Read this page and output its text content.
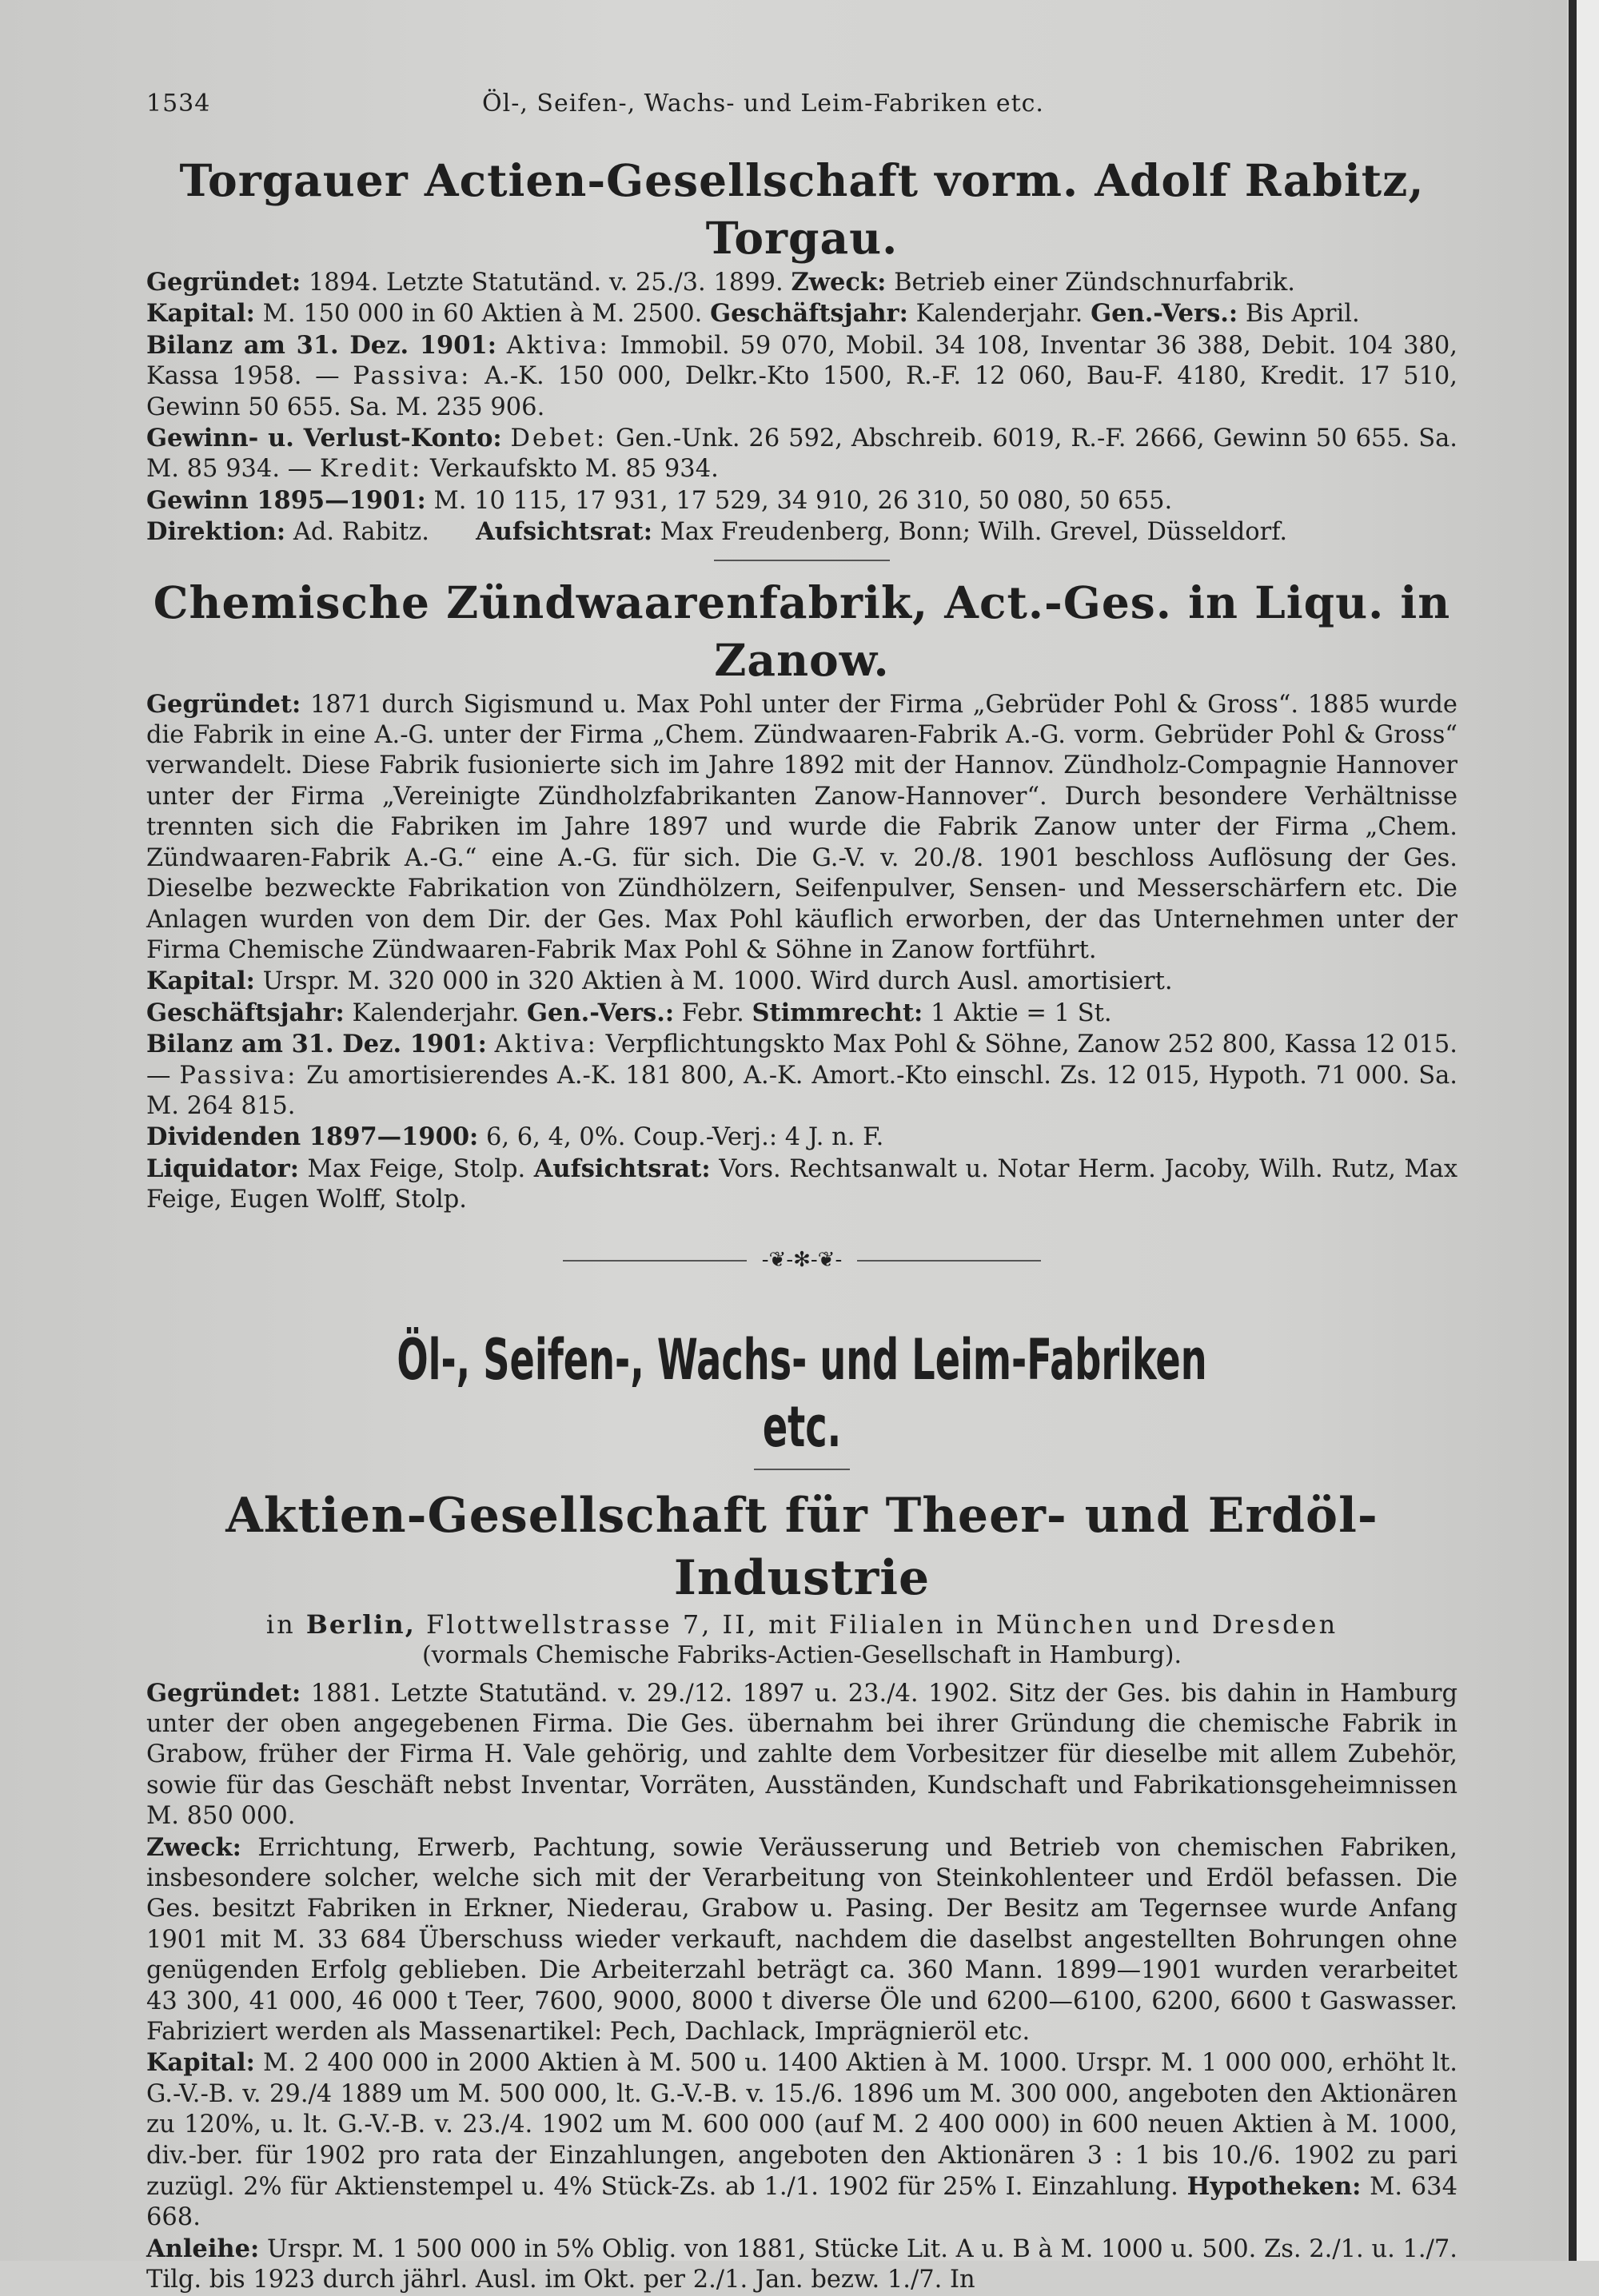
1534	Öl-, Seifen-, Wachs- und Leim-Fabriken etc.
Torgauer Actien-Gesellschaft vorm. Adolf Rabitz, Torgau.

Gegründet: 1894. Letzte Statutänd. v. 25./3. 1899. Zweck: Betrieb einer Zündschnurfabrik.

Kapital: M. 150 000 in 60 Aktien à M. 2500. Geschäftsjahr: Kalenderjahr. Gen.-Vers.: Bis April.

Bilanz am 31. Dez. 1901: Aktiva: Immobil. 59 070, Mobil. 34 108, Inventar 36 388, Debit. 104 380, Kassa 1958. — Passiva: A.-K. 150 000, Delkr.-Kto 1500, R.-F. 12 060, Bau-F. 4180, Kredit. 17 510, Gewinn 50 655. Sa. M. 235 906.

Gewinn- u. Verlust-Konto: Debet: Gen.-Unk. 26 592, Abschreib. 6019, R.-F. 2666, Gewinn 50 655. Sa. M. 85 934. — Kredit: Verkaufskto M. 85 934.

Gewinn 1895—1901: M. 10 115, 17 931, 17 529, 34 910, 26 310, 50 080, 50 655.

Direktion: Ad. Rabitz. Aufsichtsrat: Max Freudenberg, Bonn; Wilh. Grevel, Düsseldorf.

Chemische Zündwaarenfabrik, Act.-Ges. in Liqu. in Zanow.

Gegründet: 1871 durch Sigismund u. Max Pohl unter der Firma „Gebrüder Pohl & Gross“. 1885 wurde die Fabrik in eine A.-G. unter der Firma „Chem. Zündwaaren-Fabrik A.-G. vorm. Gebrüder Pohl & Gross“ verwandelt. Diese Fabrik fusionierte sich im Jahre 1892 mit der Hannov. Zündholz-Compagnie Hannover unter der Firma „Vereinigte Zündholzfabrikanten Zanow-Hannover“. Durch besondere Verhältnisse trennten sich die Fabriken im Jahre 1897 und wurde die Fabrik Zanow unter der Firma „Chem. Zündwaaren-Fabrik A.-G.“ eine A.-G. für sich. Die G.-V. v. 20./8. 1901 beschloss Auflösung der Ges. Dieselbe bezweckte Fabrikation von Zündhölzern, Seifenpulver, Sensen- und Messerschärfern etc. Die Anlagen wurden von dem Dir. der Ges. Max Pohl käuflich erworben, der das Unternehmen unter der Firma Chemische Zündwaaren-Fabrik Max Pohl & Söhne in Zanow fortführt.

Kapital: Urspr. M. 320 000 in 320 Aktien à M. 1000. Wird durch Ausl. amortisiert.

Geschäftsjahr: Kalenderjahr. Gen.-Vers.: Febr. Stimmrecht: 1 Aktie = 1 St.

Bilanz am 31. Dez. 1901: Aktiva: Verpflichtungskto Max Pohl & Söhne, Zanow 252 800, Kassa 12 015. — Passiva: Zu amortisierendes A.-K. 181 800, A.-K. Amort.-Kto einschl. Zs. 12 015, Hypoth. 71 000. Sa. M. 264 815.

Dividenden 1897—1900: 6, 6, 4, 0%. Coup.-Verj.: 4 J. n. F.

Liquidator: Max Feige, Stolp. Aufsichtsrat: Vors. Rechtsanwalt u. Notar Herm. Jacoby, Wilh. Rutz, Max Feige, Eugen Wolff, Stolp.

-❦-✻-❦-
Öl-, Seifen-, Wachs- und Leim-Fabriken etc.
Aktien-Gesellschaft für Theer- und Erdöl-Industrie

in Berlin, Flottwellstrasse 7, II, mit Filialen in München und Dresden

(vormals Chemische Fabriks-Actien-Gesellschaft in Hamburg).

Gegründet: 1881. Letzte Statutänd. v. 29./12. 1897 u. 23./4. 1902. Sitz der Ges. bis dahin in Hamburg unter der oben angegebenen Firma. Die Ges. übernahm bei ihrer Gründung die chemische Fabrik in Grabow, früher der Firma H. Vale gehörig, und zahlte dem Vorbesitzer für dieselbe mit allem Zubehör, sowie für das Geschäft nebst Inventar, Vorräten, Ausständen, Kundschaft und Fabrikationsgeheimnissen M. 850 000.

Zweck: Errichtung, Erwerb, Pachtung, sowie Veräusserung und Betrieb von chemischen Fabriken, insbesondere solcher, welche sich mit der Verarbeitung von Steinkohlenteer und Erdöl befassen. Die Ges. besitzt Fabriken in Erkner, Niederau, Grabow u. Pasing. Der Besitz am Tegernsee wurde Anfang 1901 mit M. 33 684 Überschuss wieder verkauft, nachdem die daselbst angestellten Bohrungen ohne genügenden Erfolg geblieben. Die Arbeiterzahl beträgt ca. 360 Mann. 1899—1901 wurden verarbeitet 43 300, 41 000, 46 000 t Teer, 7600, 9000, 8000 t diverse Öle und 6200—6100, 6200, 6600 t Gaswasser. Fabriziert werden als Massenartikel: Pech, Dachlack, Imprägnieröl etc.

Kapital: M. 2 400 000 in 2000 Aktien à M. 500 u. 1400 Aktien à M. 1000. Urspr. M. 1 000 000, erhöht lt. G.-V.-B. v. 29./4 1889 um M. 500 000, lt. G.-V.-B. v. 15./6. 1896 um M. 300 000, angeboten den Aktionären zu 120%, u. lt. G.-V.-B. v. 23./4. 1902 um M. 600 000 (auf M. 2 400 000) in 600 neuen Aktien à M. 1000, div.-ber. für 1902 pro rata der Einzahlungen, angeboten den Aktionären 3 : 1 bis 10./6. 1902 zu pari zuzügl. 2% für Aktienstempel u. 4% Stück-Zs. ab 1./1. 1902 für 25% I. Einzahlung. Hypotheken: M. 634 668.

Anleihe: Urspr. M. 1 500 000 in 5% Oblig. von 1881, Stücke Lit. A u. B à M. 1000 u. 500. Zs. 2./1. u. 1./7. Tilg. bis 1923 durch jährl. Ausl. im Okt. per 2./1. Jan. bezw. 1./7. In
